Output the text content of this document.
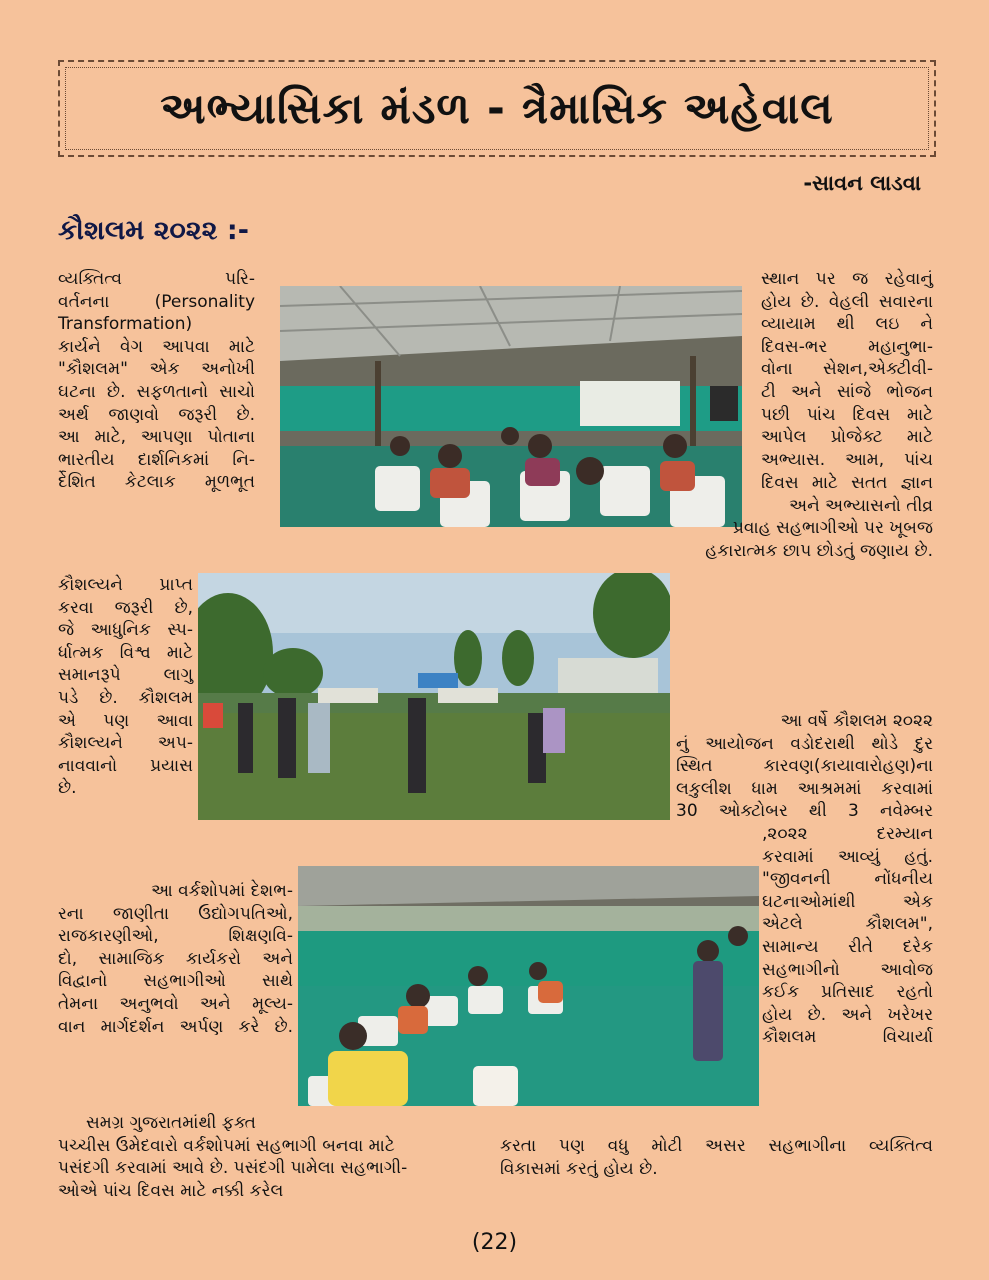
અભ્યાસિકા મંડળ - ત્રૈમાસિક અહેવાલ
-સાવન લાડવા
કૌશલમ ૨૦૨૨ :-
વ્યક્તિત્વ પરિ-
વર્તનના (Personality
Transformation)
કાર્યને વેગ આપવા માટે
"કૌશલમ" એક અનોખી
ઘટના છે. સફળતાનો સાચો
અર્થ જાણવો જરૂરી છે.
આ માટે, આપણા પોતાના
ભારતીય દાર્શનિકમાં નિ-
ર્દેશિત કેટલાક મૂળભૂત
કૌશલ્યને પ્રાપ્ત
કરવા જરૂરી છે,
જે આધુનિક સ્પ-
ર્ધાત્મક વિશ્વ માટે
સમાનરૂપે લાગુ
પડે છે. કૌશલમ
એ પણ આવા
કૌશલ્યને અપ-
નાવવાનો પ્રયાસ
છે.
સ્થાન પર જ રહેવાનું
હોય છે. વેહલી સવારના
વ્યાયામ થી લઇ ને
દિવસ-ભર મહાનુભા-
વોના સેશન,એક્ટીવી-
ટી અને સાંજે ભોજન
પછી પાંચ દિવસ માટે
આપેલ પ્રોજેક્ટ માટે
અભ્યાસ. આમ, પાંચ
દિવસ માટે સતત જ્ઞાન
અને અભ્યાસનો તીવ્ર
પ્રવાહ સહભાગીઓ પર ખૂબજ
હકારાત્મક છાપ છોડતું જણાય છે.
આ વર્ષે કૌશલમ ૨૦૨૨
નું આયોજન વડોદરાથી થોડે દુર
સ્થિત કારવણ(કાયાવારોહણ)ના
લકુલીશ ધામ આશ્રમમાં કરવામાં
30 ઓક્ટોબર થી 3 નવેમ્બર
,૨૦૨૨ દરમ્યાન
કરવામાં આવ્યું હતું.
"જીવનની નોંધનીય
ઘટનાઓમાંથી એક
એટલે કૌશલમ",
સામાન્ય રીતે દરેક
સહભાગીનો આવોજ
કઈક પ્રતિસાદ રહતો
હોય છે. અને ખરેખર
કૌશલમ વિચાર્યા
આ વર્કશોપમાં દેશભ-
રના જાણીતા ઉદ્યોગપતિઓ,
રાજકારણીઓ, શિક્ષણવિ-
દો, સામાજિક કાર્યકરો અને
વિદ્વાનો સહભાગીઓ સાથે
તેમના અનુભવો અને મૂલ્ય-
વાન માર્ગદર્શન અર્પણ કરે છે.
સમગ્ર ગુજરાતમાંથી ફક્ત
પચ્ચીસ ઉમેદવારો વર્કશોપમાં સહભાગી બનવા માટે
પસંદગી કરવામાં આવે છે. પસંદગી પામેલા સહભાગી-
ઓએ પાંચ દિવસ માટે નક્કી કરેલ
કરતા પણ વધુ મોટી અસર સહભાગીના વ્યક્તિત્વ
વિકાસમાં કરતું હોય છે.
(22)
